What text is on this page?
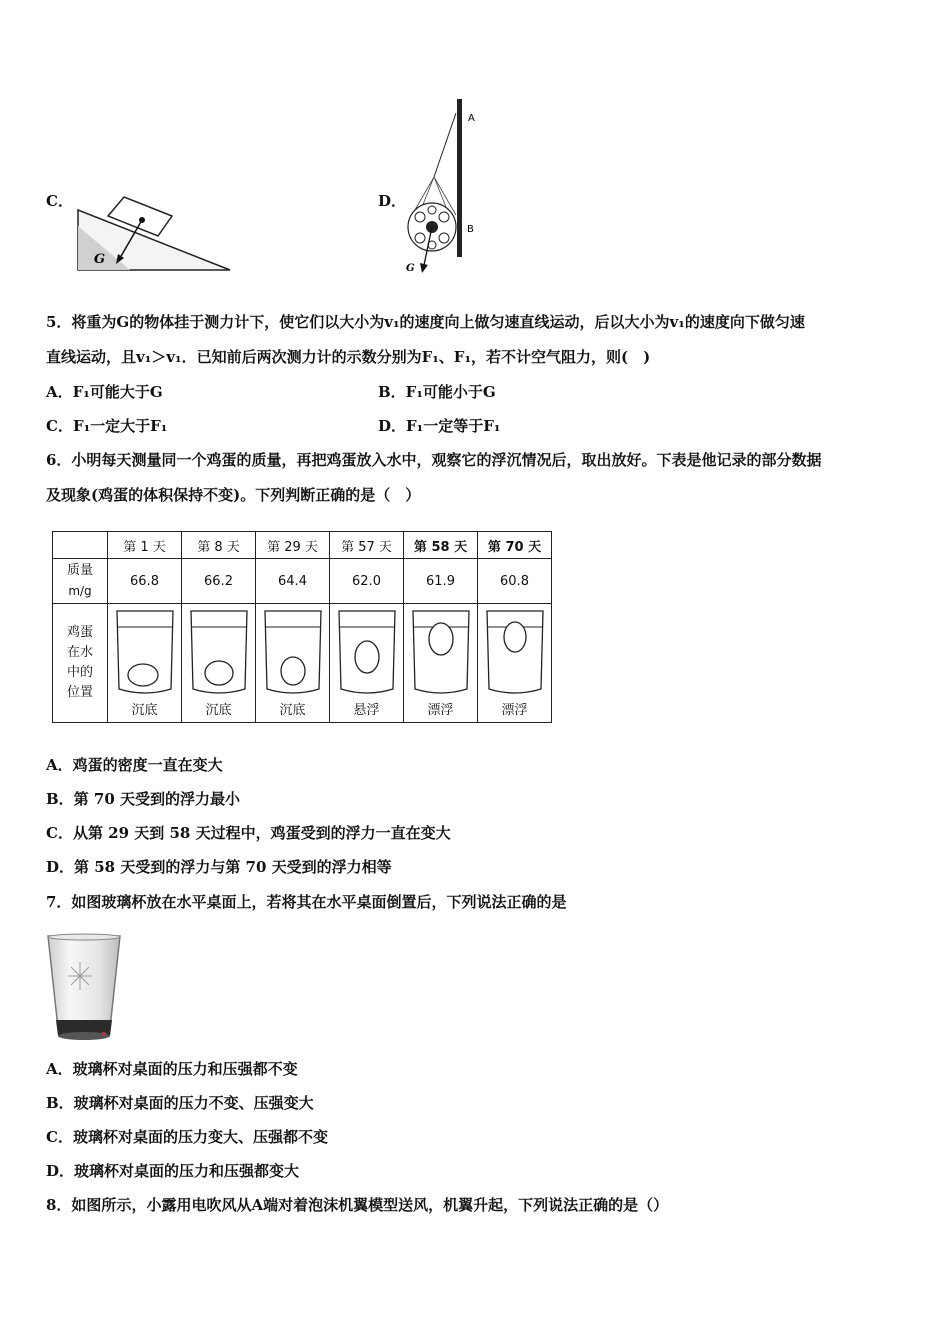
C．
G
D．
A
B
G
5．将重为G的物体挂于测力计下，使它们以大小为v₁的速度向上做匀速直线运动，后以大小为v₁的速度向下做匀速
直线运动，且v₁＞v₁．已知前后两次测力计的示数分别为F₁、F₁，若不计空气阻力，则(　)
A．F₁可能大于G	B．F₁可能小于G
C．F₁一定大于F₁	D．F₁一定等于F₁
6．小明每天测量同一个鸡蛋的质量，再把鸡蛋放入水中，观察它的浮沉情况后，取出放好。下表是他记录的部分数据
及现象(鸡蛋的体积保持不变)。下列判断正确的是（　）
	第 1 天	第 8 天	第 29 天	第 57 天	第 58 天	第 70 天
质量
m/g	66.8	66.2	64.4	62.0	61.9	60.8
鸡蛋
在水
中的
位置	沉底	沉底	沉底	悬浮	漂浮	漂浮
A．鸡蛋的密度一直在变大
B．第 70 天受到的浮力最小
C．从第 29 天到 58 天过程中，鸡蛋受到的浮力一直在变大
D．第 58 天受到的浮力与第 70 天受到的浮力相等
7．如图玻璃杯放在水平桌面上，若将其在水平桌面倒置后，下列说法正确的是
A．玻璃杯对桌面的压力和压强都不变
B．玻璃杯对桌面的压力不变、压强变大
C．玻璃杯对桌面的压力变大、压强都不变
D．玻璃杯对桌面的压力和压强都变大
8．如图所示，小露用电吹风从A端对着泡沫机翼模型送风，机翼升起，下列说法正确的是（）
